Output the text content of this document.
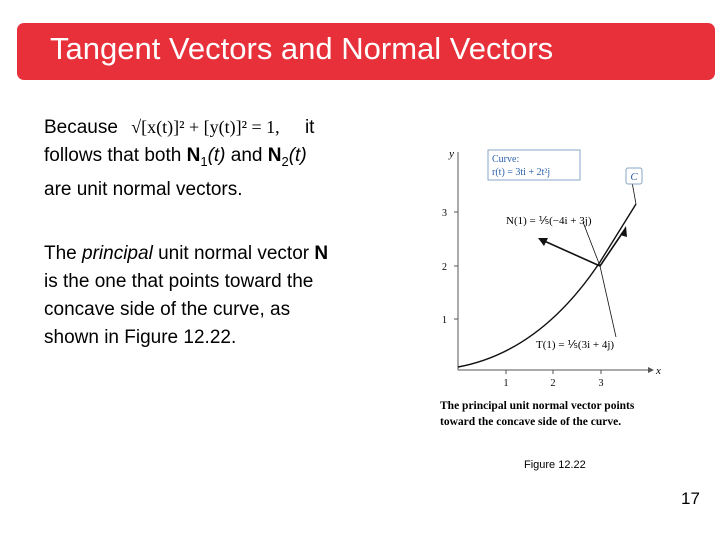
Tangent Vectors and Normal Vectors
Because √[x(t)]² + [y(t)]² = 1, it
follows that both $N_1(t)$ and $N_2(t)$
are unit normal vectors.
The principal unit normal vector N
is the one that points toward the
concave side of the curve, as
shown in Figure 12.22.
y
x
3
2
1
1	2	3
Curve:
r(t) = 3ti + 2t²j	C
N(1) = ⅕(−4i + 3j)
T(1) = ⅕(3i + 4j)
The principal unit normal vector points
toward the concave side of the curve.
Figure 12.22
17
